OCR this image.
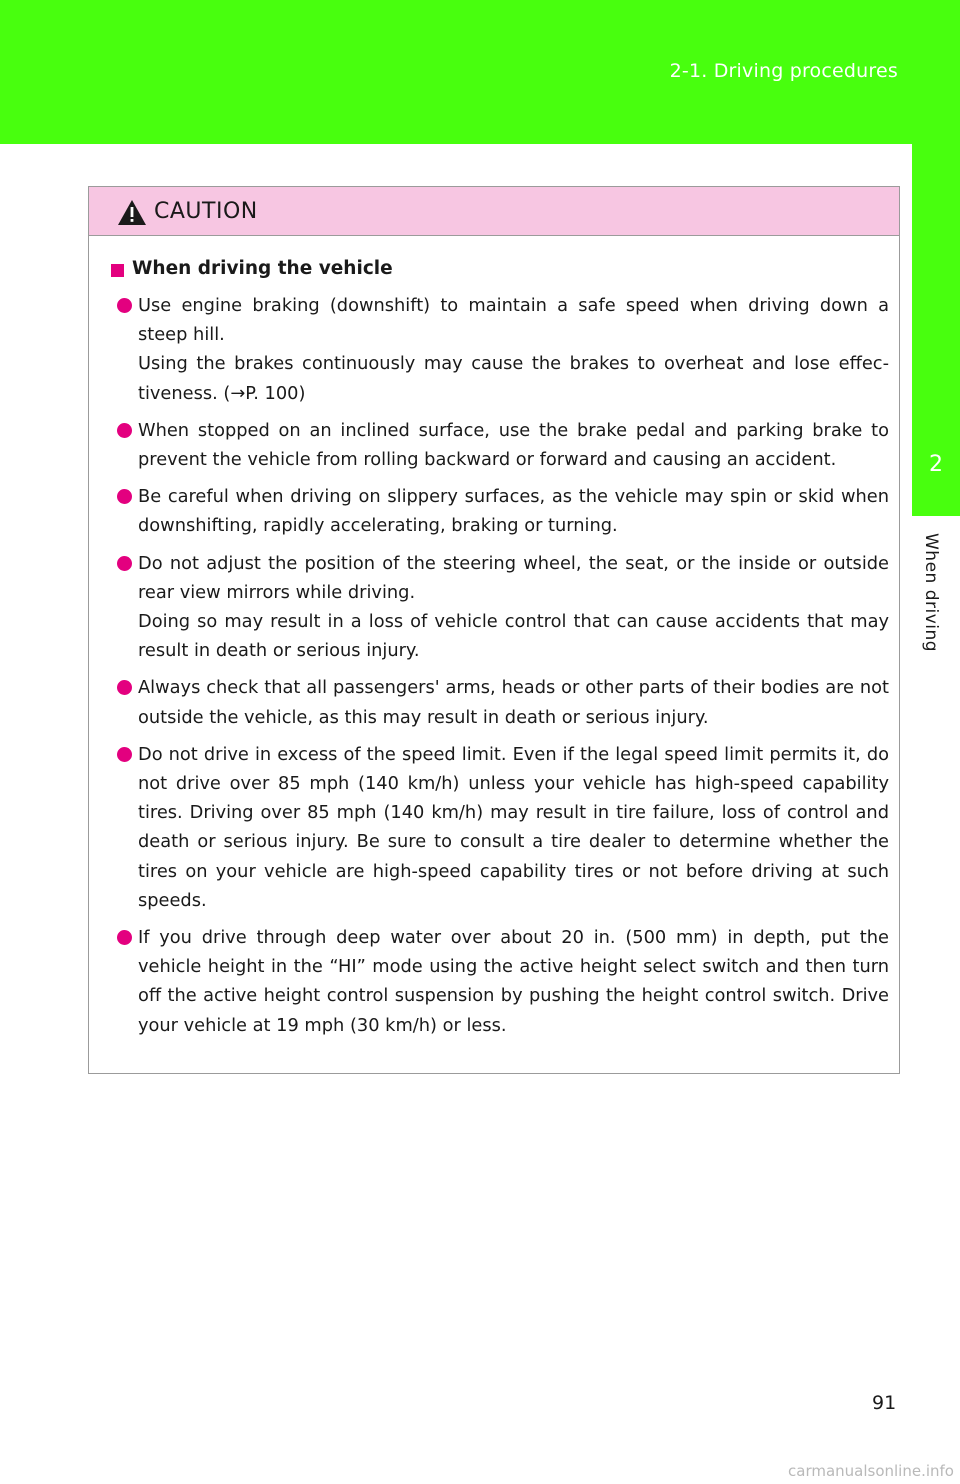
2-1. Driving procedures
2
When driving
CAUTION
When driving the vehicle
Use engine braking (downshift) to maintain a safe speed when driving down a steep hill.
Using the brakes continuously may cause the brakes to overheat and lose effec-tiveness. (→P. 100)
When stopped on an inclined surface, use the brake pedal and parking brake to prevent the vehicle from rolling backward or forward and causing an accident.
Be careful when driving on slippery surfaces, as the vehicle may spin or skid when downshifting, rapidly accelerating, braking or turning.
Do not adjust the position of the steering wheel, the seat, or the inside or outside rear view mirrors while driving.
Doing so may result in a loss of vehicle control that can cause accidents that may result in death or serious injury.
Always check that all passengers' arms, heads or other parts of their bodies are not outside the vehicle, as this may result in death or serious injury.
Do not drive in excess of the speed limit. Even if the legal speed limit permits it, do not drive over 85 mph (140 km/h) unless your vehicle has high-speed capability tires. Driving over 85 mph (140 km/h) may result in tire failure, loss of control and death or serious injury. Be sure to consult a tire dealer to determine whether the tires on your vehicle are high-speed capability tires or not before driving at such speeds.
If you drive through deep water over about 20 in. (500 mm) in depth, put the vehicle height in the “HI” mode using the active height select switch and then turn off the active height control suspension by pushing the height control switch. Drive your vehicle at 19 mph (30 km/h) or less.
91
carmanualsonline.info
